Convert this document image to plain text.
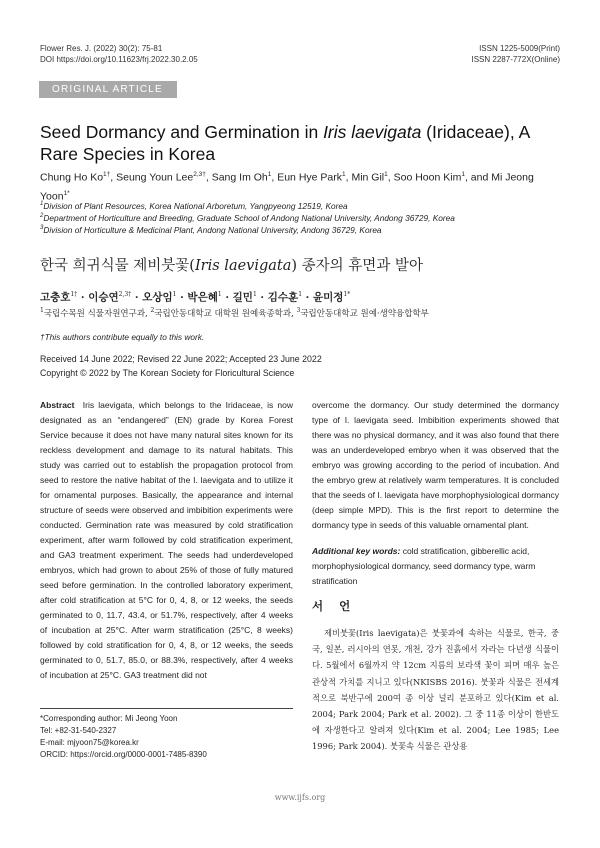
Flower Res. J. (2022) 30(2): 75-81
DOI https://doi.org/10.11623/frj.2022.30.2.05
ISSN 1225-5009(Print)
ISSN 2287-772X(Online)
ORIGINAL ARTICLE
Seed Dormancy and Germination in Iris laevigata (Iridaceae), A Rare Species in Korea
Chung Ho $Ko^{1\dagger}$, Seung Youn Lee$^{2,3\dagger}$, Sang Im Oh$^1$, Eun Hye Park$^1$, Min Gil$^1$, Soo Hoon Kim$^1$, and Mi Jeong Yoon$^{1*}$
$^1$Division of Plant Resources, Korea National Arboretum, Yangpyeong 12519, Korea
$^2$Department of Horticulture and Breeding, Graduate School of Andong National University, Andong 36729, Korea
$^3$Division of Horticulture & Medicinal Plant, Andong National University, Andong 36729, Korea
한국 희귀식물 제비붓꽃(Iris laevigata) 종자의 휴면과 발아
고충호$^{1\dagger}$ · 이승연$^{2,3\dagger}$ · 오상임$^1$ · 박은혜$^1$ · 길민$^1$ · 김수훈$^1$ · 윤미정$^{1*}$
$^1$국립수목원 식물자원연구과, $^2$국립안동대학교 대학원 원예육종학과, $^3$국립안동대학교 원예·생약융합학부
†This authors contribute equally to this work.
Received 14 June 2022; Revised 22 June 2022; Accepted 23 June 2022
Copyright © 2022 by The Korean Society for Floricultural Science

Abstract Iris laevigata, which belongs to the Iridaceae, is now designated as an “endangered” (EN) grade by Korea Forest Service because it does not have many natural sites known for its reckless development and damage to its natural habitats. This study was carried out to establish the propagation protocol from seed to restore the native habitat of the I. laevigata and to utilize it for ornamental purposes. Basically, the appearance and internal structure of seeds were observed and imbibition experiments were conducted. Germination rate was measured by cold stratification experiment, after warm followed by cold stratification experiment, and GA3 treatment experiment. The seeds had underdeveloped embryos, which had grown to about 25% of those of fully matured seed before germination. In the controlled laboratory experiment, after cold stratification at 5°C for 0, 4, 8, or 12 weeks, the seeds germinated to 0, 11.7, 43.4, or 51.7%, respectively, after 4 weeks of incubation at 25°C. After warm stratification (25°C, 8 weeks) followed by cold stratification for 0, 4, 8, or 12 weeks, the seeds germinated to 0, 51.7, 85.0, or 88.3%, respectively, after 4 weeks of incubation at 25°C. GA3 treatment did not

overcome the dormancy. Our study determined the dormancy type of I. laevigata seed. Imbibition experiments showed that there was no physical dormancy, and it was also found that there was an underdeveloped embryo when it was observed that the embryo was growing according to the period of incubation. And the embryo grew at relatively warm temperatures. It is concluded that the seeds of I. laevigata have morphophysiological dormancy (deep simple MPD). This is the first report to determine the dormancy type in seeds of this valuable ornamental plant.

Additional key words: cold stratification, gibberellic acid, morphophysiological dormancy, seed dormancy type, warm stratification
서 언

제비붓꽃(Iris laevigata)은 붓꽃과에 속하는 식물로, 한국, 중국, 일본, 러시아의 연못, 개천, 강가 진흙에서 자라는 다년생 식물이다. 5월에서 6월까지 약 12cm 지름의 보라색 꽃이 피며 매우 높은 관상적 가치를 지니고 있다(NKISBS 2016). 붓꽃과 식물은 전세계적으로 북반구에 200여 종 이상 널리 분포하고 있다(Kim et al. 2004; Park 2004; Park et al. 2002). 그 중 11종 이상이 한반도에 자생한다고 알려져 있다(Kim et al. 2004; Lee 1985; Lee 1996; Park 2004). 붓꽃속 식물은 관상용

*Corresponding author: Mi Jeong Yoon
Tel: +82-31-540-2327
E-mail: mjyoon75@korea.kr
ORCID: https://orcid.org/0000-0001-7485-8390
www.ijfs.org
